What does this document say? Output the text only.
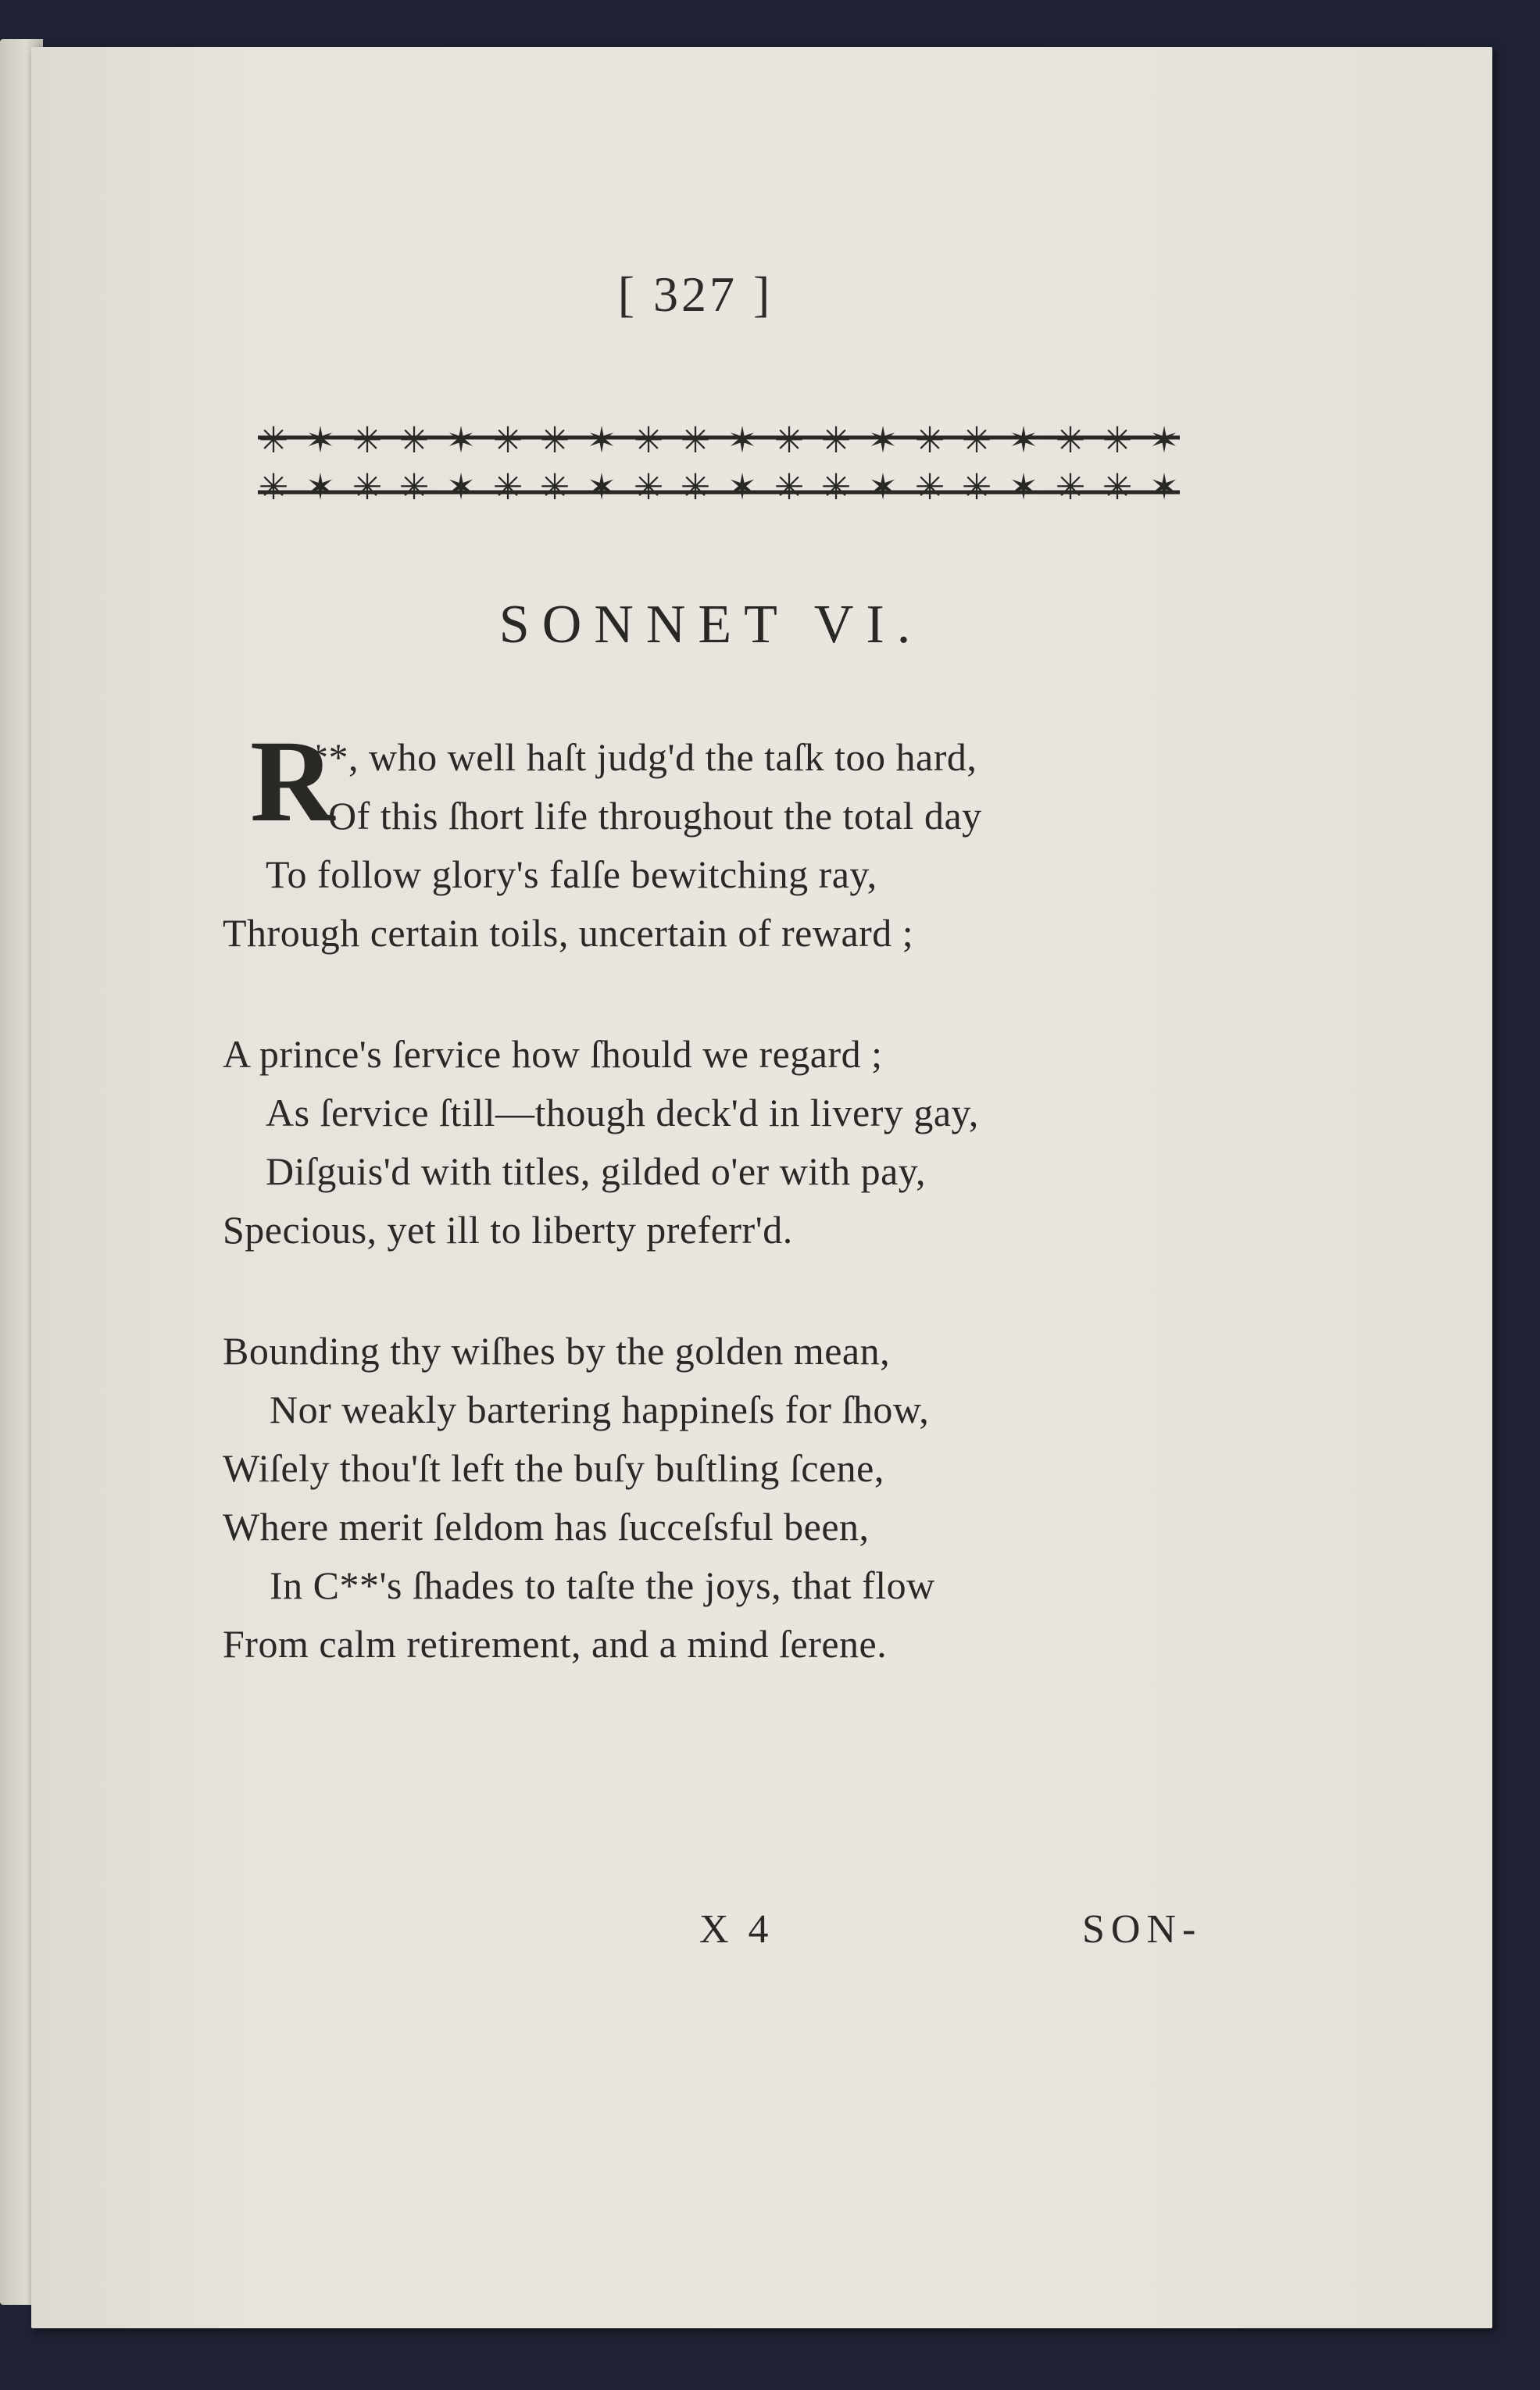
[ 327 ]
✳ ✶ ✳ ✳ ✶ ✳ ✳ ✶ ✳ ✳ ✶ ✳ ✳ ✶ ✳ ✳ ✶ ✳ ✳ ✶
✳ ✶ ✳ ✳ ✶ ✳ ✳ ✶ ✳ ✳ ✶ ✳ ✳ ✶ ✳ ✳ ✶ ✳ ✳ ✶
SONNET VI.
R
**, who well haſt judg'd the taſk too hard,
Of this ſhort life throughout the total day
To follow glory's falſe bewitching ray,
Through certain toils, uncertain of reward ;
A prince's ſervice how ſhould we regard ;
As ſervice ſtill—though deck'd in livery gay,
Diſguis'd with titles, gilded o'er with pay,
Specious, yet ill to liberty preferr'd.
Bounding thy wiſhes by the golden mean,
Nor weakly bartering happineſs for ſhow,
Wiſely thou'ſt left the buſy buſtling ſcene,
Where merit ſeldom has ſucceſsful been,
In C**'s ſhades to taſte the joys, that flow
From calm retirement, and a mind ſerene.
X 4	SON-
